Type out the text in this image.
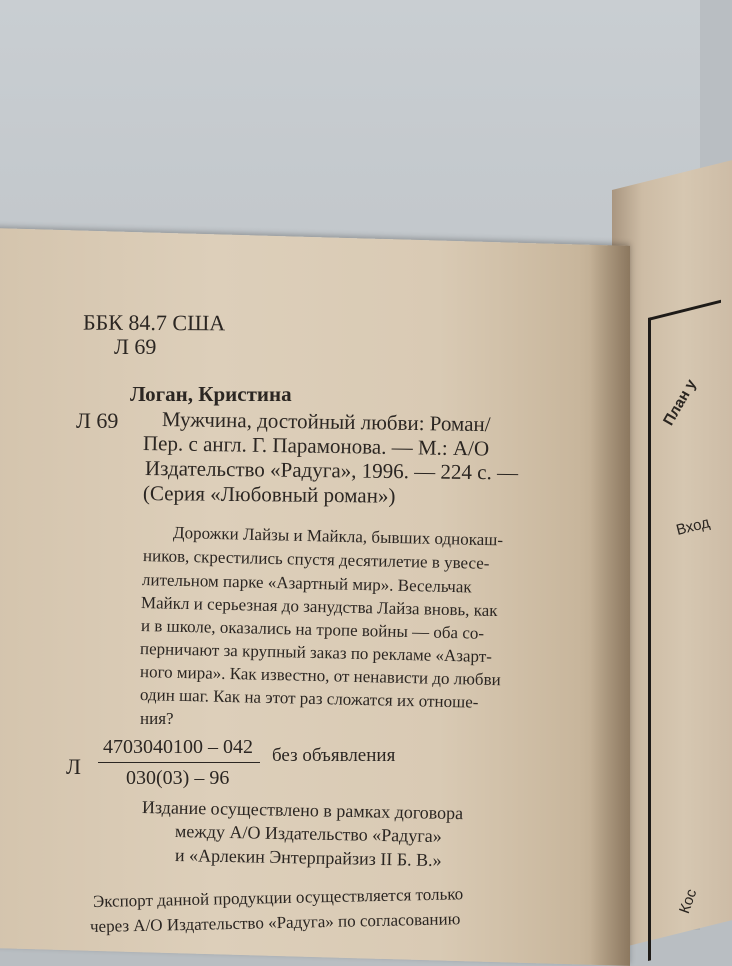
План у
Вход
Кос
ББК 84.7 США
Л 69
Логан, Кристина
Л 69 Мужчина, достойный любви: Роман/
Пер. с англ. Г. Парамонова. — М.: А/О
Издательство «Радуга», 1996. — 224 с. —
(Серия «Любовный роман»)
Дорожки Лайзы и Майкла, бывших однокаш-
ников, скрестились спустя десятилетие в увесе-
лительном парке «Азартный мир». Весельчак
Майкл и серьезная до занудства Лайза вновь, как
и в школе, оказались на тропе войны — оба со-
перничают за крупный заказ по рекламе «Азарт-
ного мира». Как известно, от ненависти до любви
один шаг. Как на этот раз сложатся их отноше-
ния?
Л
4703040100 – 042
030(03) – 96
без объявления
Издание осуществлено в рамках договора
между А/О Издательство «Радуга»
и «Арлекин Энтерпрайзиз II Б. В.»
Экспорт данной продукции осуществляется только
через А/О Издательство «Радуга» по согласованию
